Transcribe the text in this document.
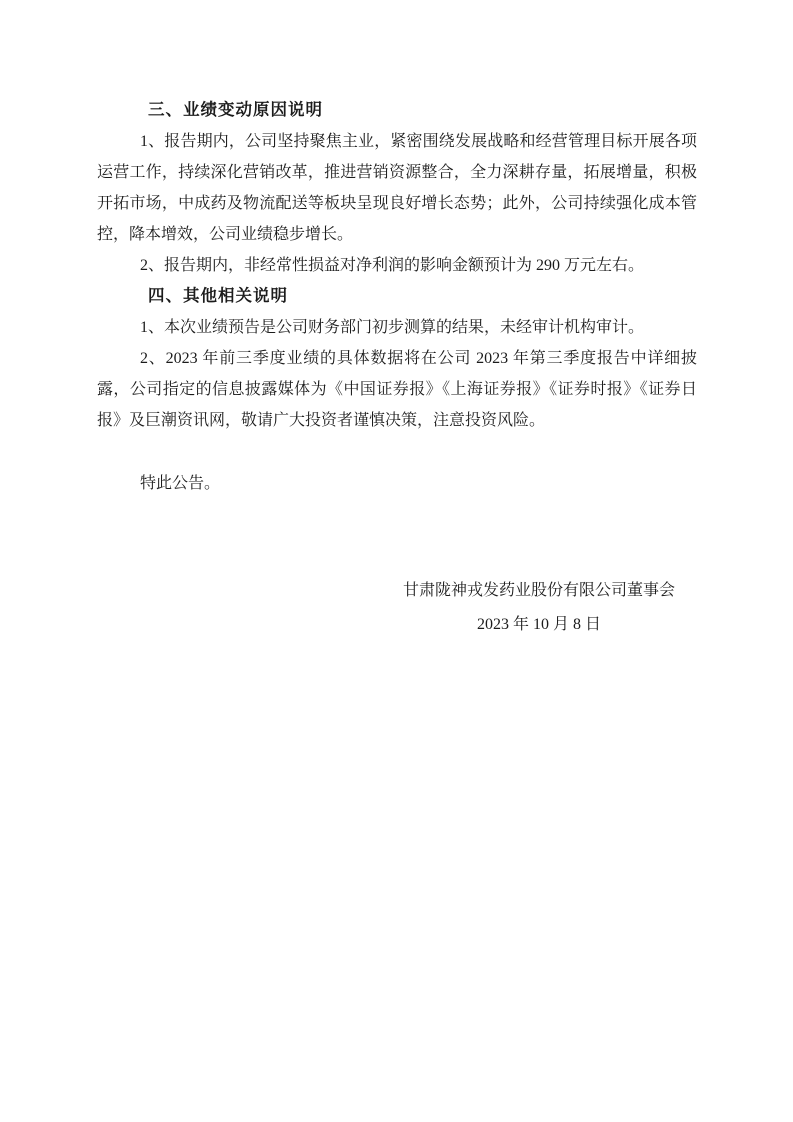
三、业绩变动原因说明

1、报告期内，公司坚持聚焦主业，紧密围绕发展战略和经营管理目标开展各项运营工作，持续深化营销改革，推进营销资源整合，全力深耕存量，拓展增量，积极开拓市场，中成药及物流配送等板块呈现良好增长态势；此外，公司持续强化成本管控，降本增效，公司业绩稳步增长。

2、报告期内，非经常性损益对净利润的影响金额预计为 290 万元左右。

四、其他相关说明

1、本次业绩预告是公司财务部门初步测算的结果，未经审计机构审计。

2、2023 年前三季度业绩的具体数据将在公司 2023 年第三季度报告中详细披露，公司指定的信息披露媒体为《中国证券报》《上海证券报》《证券时报》《证券日报》及巨潮资讯网，敬请广大投资者谨慎决策，注意投资风险。

特此公告。

甘肃陇神戎发药业股份有限公司董事会
2023 年 10 月 8 日
